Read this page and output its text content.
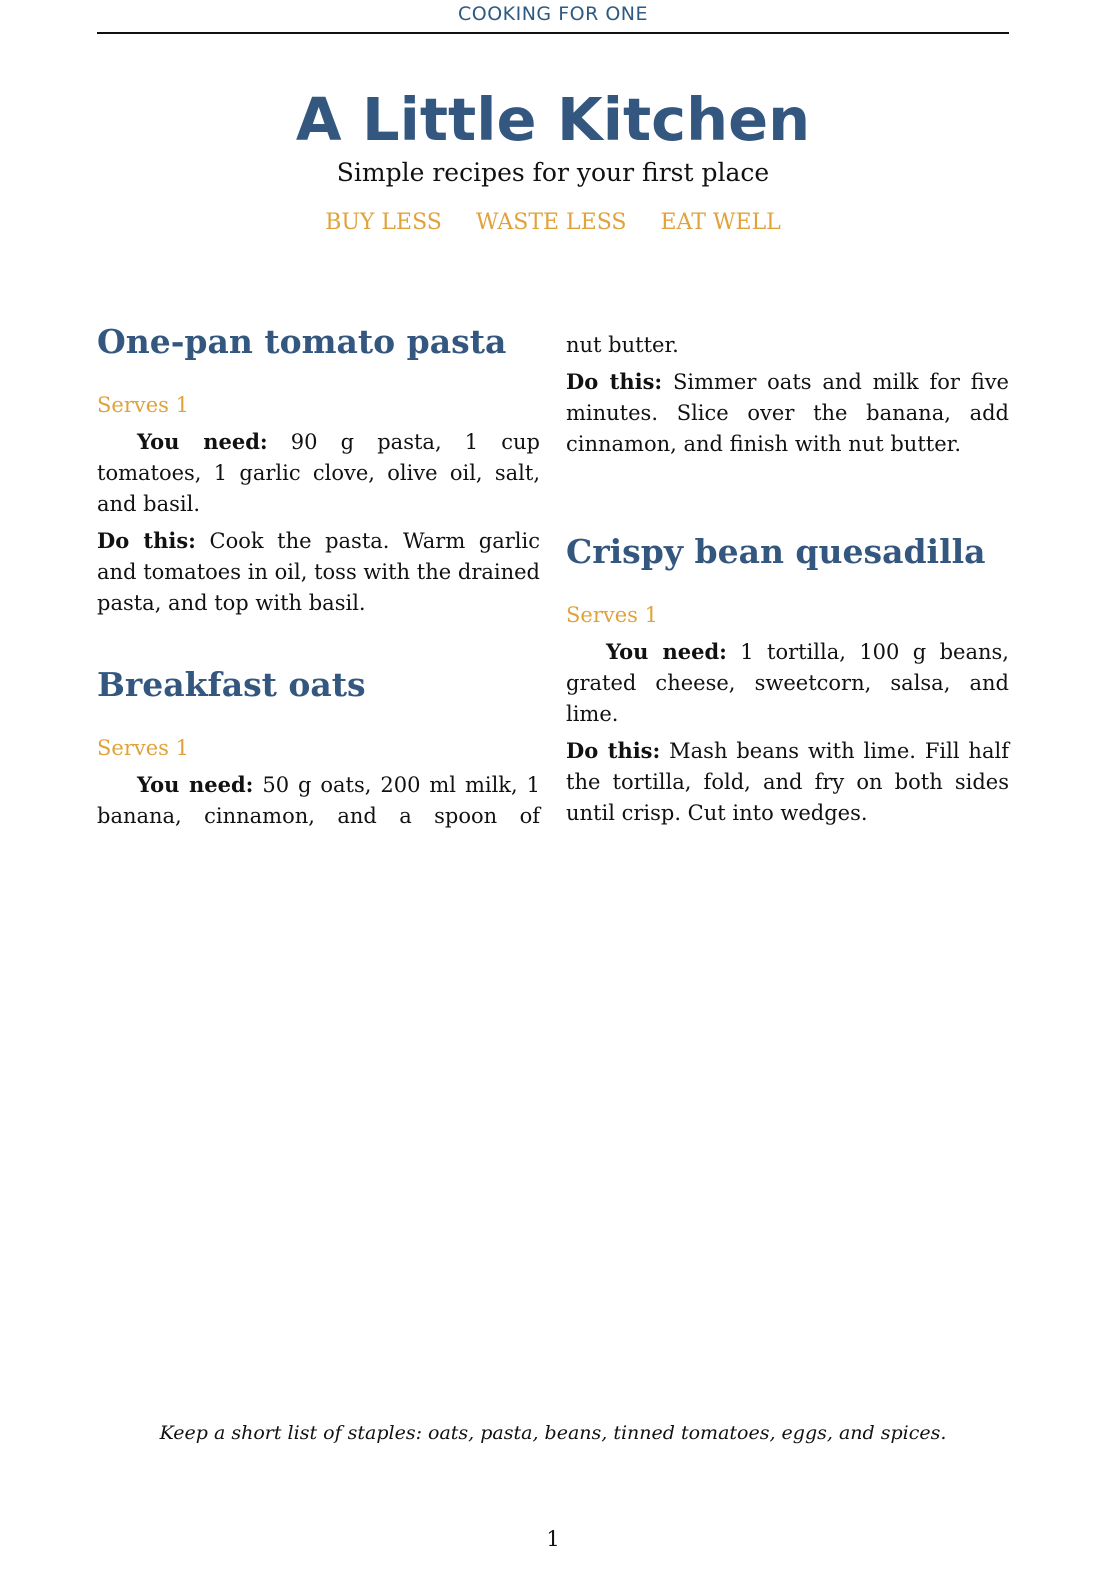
COOKING FOR ONE
A Little Kitchen

Simple recipes for your first place

BUY LESS WASTE LESS EAT WELL
One-pan tomato pasta
Serves 1

You need: 90 g pasta, 1 cup tomatoes, 1 garlic clove, olive oil, salt, and basil.

Do this: Cook the pasta. Warm garlic and tomatoes in oil, toss with the drained pasta, and top with basil.

Breakfast oats
Serves 1

You need: 50 g oats, 200 ml milk, 1 banana, cinnamon, and a spoon of

nut butter.

Do this: Simmer oats and milk for five minutes. Slice over the banana, add cinnamon, and finish with nut butter.

Crispy bean quesadilla
Serves 1

You need: 1 tortilla, 100 g beans, grated cheese, sweetcorn, salsa, and lime.

Do this: Mash beans with lime. Fill half the tortilla, fold, and fry on both sides until crisp. Cut into wedges.

Keep a short list of staples: oats, pasta, beans, tinned tomatoes, eggs, and spices.
1
